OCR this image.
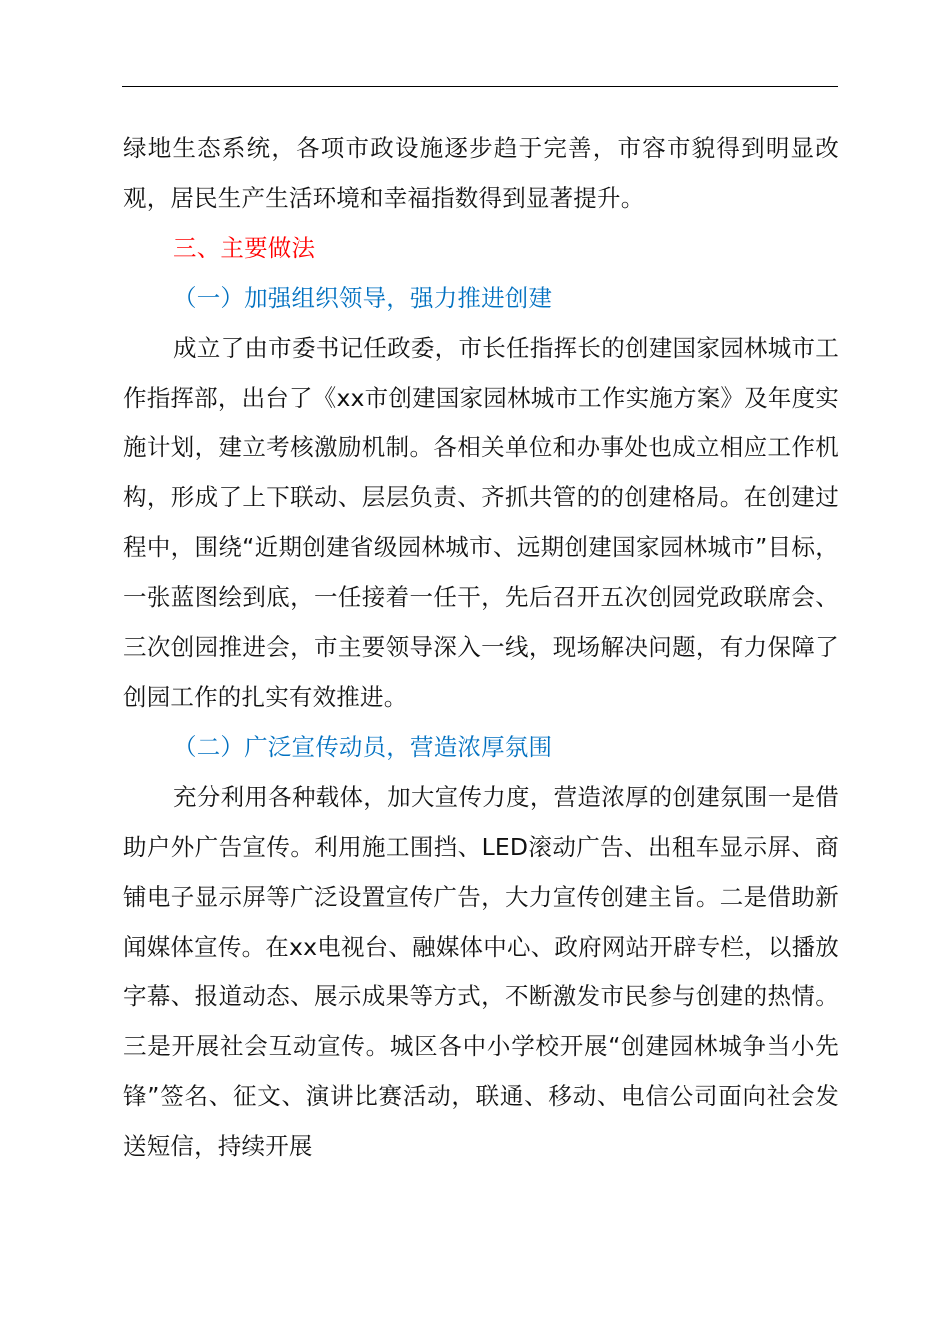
绿地生态系统，各项市政设施逐步趋于完善，市容市貌得到明显改观，居民生产生活环境和幸福指数得到显著提升。

三、主要做法

（一）加强组织领导，强力推进创建

成立了由市委书记任政委，市长任指挥长的创建国家园林城市工作指挥部，出台了《xx市创建国家园林城市工作实施方案》及年度实施计划，建立考核激励机制。各相关单位和办事处也成立相应工作机构，形成了上下联动、层层负责、齐抓共管的的创建格局。在创建过程中，围绕“近期创建省级园林城市、远期创建国家园林城市”目标，一张蓝图绘到底，一任接着一任干，先后召开五次创园党政联席会、三次创园推进会，市主要领导深入一线，现场解决问题，有力保障了创园工作的扎实有效推进。

（二）广泛宣传动员，营造浓厚氛围

充分利用各种载体，加大宣传力度，营造浓厚的创建氛围一是借助户外广告宣传。利用施工围挡、LED滚动广告、出租车显示屏、商铺电子显示屏等广泛设置宣传广告，大力宣传创建主旨。二是借助新闻媒体宣传。在xx电视台、融媒体中心、政府网站开辟专栏，以播放字幕、报道动态、展示成果等方式，不断激发市民参与创建的热情。三是开展社会互动宣传。城区各中小学校开展“创建园林城争当小先锋”签名、征文、演讲比赛活动，联通、移动、电信公司面向社会发送短信，持续开展
